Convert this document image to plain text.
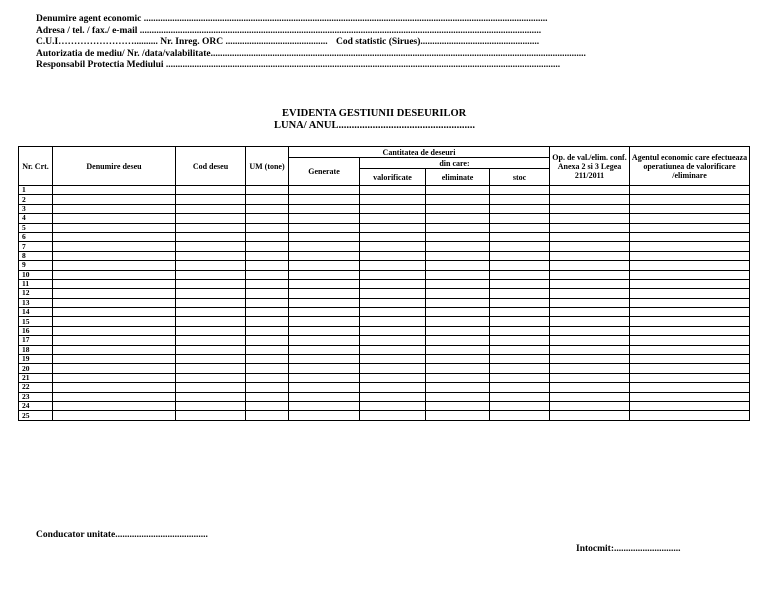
Denumire agent economic ..........................................................................................................................................................................
Adresa / tel. / fax./ e-mail .........................................................................................................................................................................
C.U.I…………………….......... Nr. Inreg. ORC ........................................... Cod statistic (Sirues)..................................................
Autorizatia de mediu/ Nr. /data/valabilitate..............................................................................................................................................................
Responsabil Protectia Mediului ......................................................................................................................................................................
EVIDENTA GESTIUNII DESEURILOR
LUNA/ ANUL....................................................
Nr. Crt.	Denumire deseu	Cod deseu	UM (tone)	Cantitatea de deseuri				Op. de val./elim. conf. Anexa 2 si 3 Legea 211/2011	Agentul economic care efectueaza operatiunea de valorificare /eliminare
				Generate	din care:				
					valorificate	eliminate	stoc		
1									
2									
3									
4									
5									
6									
7									
8									
9									
10									
11									
12									
13									
14									
15									
16									
17									
18									
19									
20									
21									
22									
23									
24									
25									
Conducator unitate.......................................
Intocmit:............................
